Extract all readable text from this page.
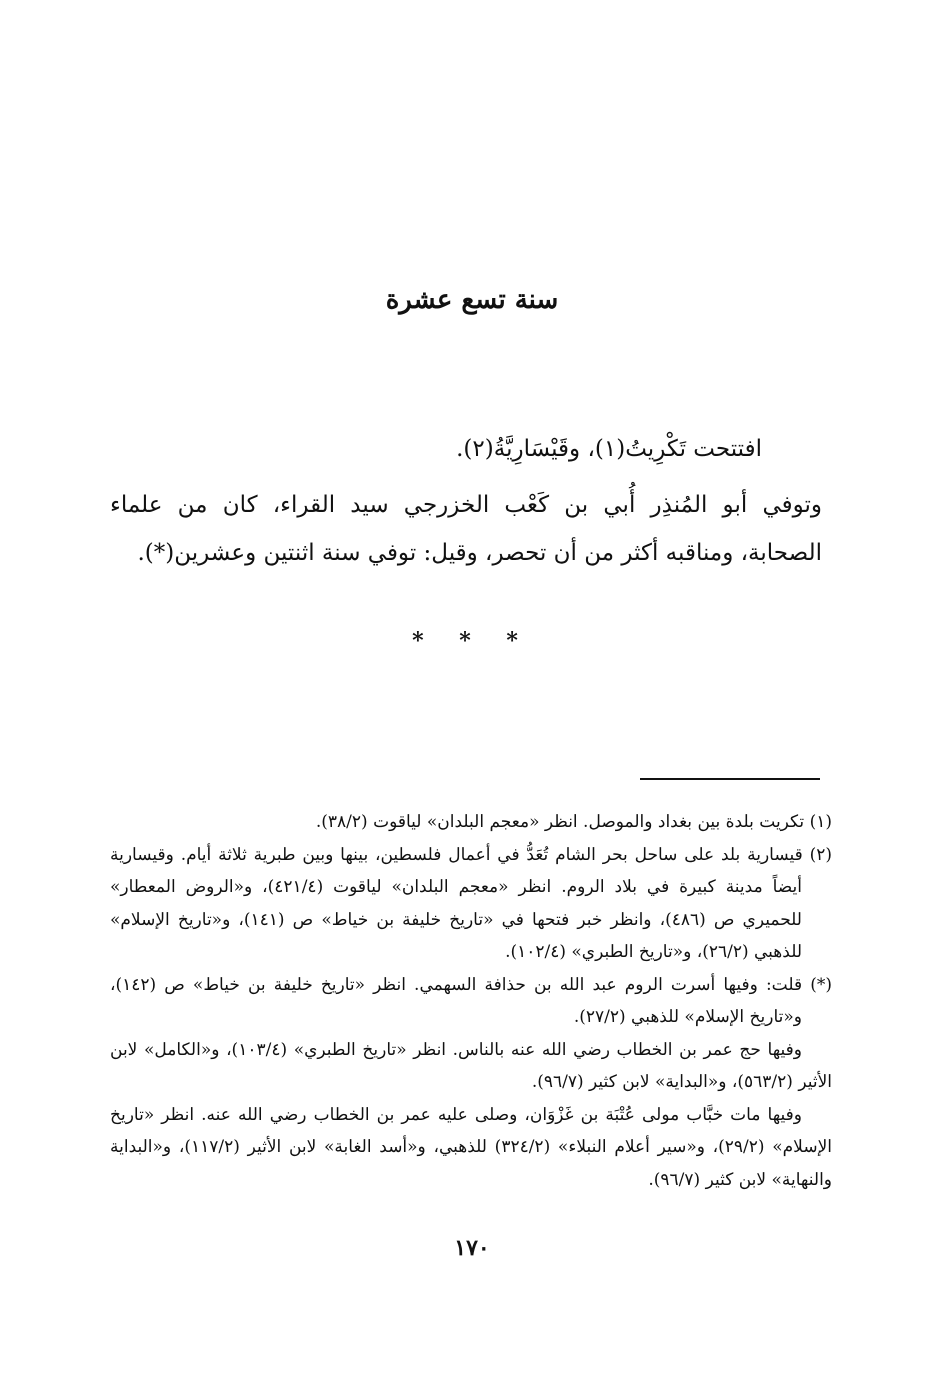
سنة تسع عشرة

افتتحت تَكْرِيتُ(١)، وقَيْسَارِيَّةُ(٢).

وتوفي أبو المُنذِر أُبي بن كَعْب الخزرجي سيد القراء، كان من علماء الصحابة، ومناقبه أكثر من أن تحصر، وقيل: توفي سنة اثنتين وعشرين(*).

* * *

(١) تكريت بلدة بين بغداد والموصل. انظر «معجم البلدان» لياقوت (٣٨/٢).

(٢) قيسارية بلد على ساحل بحر الشام تُعَدُّ في أعمال فلسطين، بينها وبين طبرية ثلاثة أيام. وقيسارية أيضاً مدينة كبيرة في بلاد الروم. انظر «معجم البلدان» لياقوت (٤٢١/٤)، و«الروض المعطار» للحميري ص (٤٨٦)، وانظر خبر فتحها في «تاريخ خليفة بن خياط» ص (١٤١)، و«تاريخ الإسلام» للذهبي (٢٦/٢)، و«تاريخ الطبري» (١٠٢/٤).

(*) قلت: وفيها أسرت الروم عبد الله بن حذافة السهمي. انظر «تاريخ خليفة بن خياط» ص (١٤٢)، و«تاريخ الإسلام» للذهبي (٢٧/٢).

وفيها حج عمر بن الخطاب رضي الله عنه بالناس. انظر «تاريخ الطبري» (١٠٣/٤)، و«الكامل» لابن الأثير (٥٦٣/٢)، و«البداية» لابن كثير (٩٦/٧).

وفيها مات خبَّاب مولى عُتْبَة بن غَزْوَان، وصلى عليه عمر بن الخطاب رضي الله عنه. انظر «تاريخ الإسلام» (٢٩/٢)، و«سير أعلام النبلاء» (٣٢٤/٢) للذهبي، و«أسد الغابة» لابن الأثير (١١٧/٢)، و«البداية والنهاية» لابن كثير (٩٦/٧).

١٧٠
